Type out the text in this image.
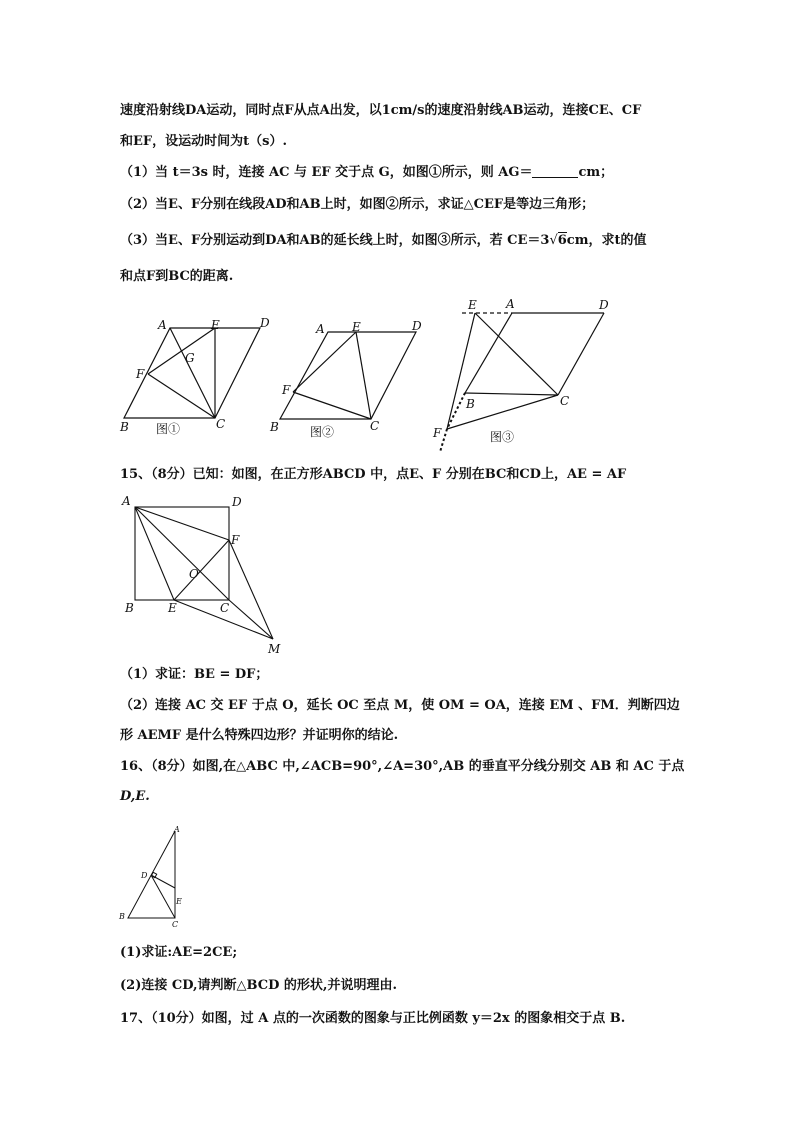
速度沿射线DA运动，同时点F从点A出发，以1cm/s的速度沿射线AB运动，连接CE、CF
和EF，设运动时间为t（s）.
（1）当 t＝3s 时，连接 AC 与 EF 交于点 G，如图①所示，则 AG＝	cm；
（2）当E、F分别在线段AD和AB上时，如图②所示，求证△CEF是等边三角形；
（3）当E、F分别运动到DA和AB的延长线上时，如图③所示，若 CE＝3√6cm，求t的值
和点F到BC的距离.
A	E	D
G
F
B	C
图①
A E	D
F
B	C
图②
E A	D
B	C
F	图③
15、（8分）已知：如图，在正方形ABCD 中，点E、F 分别在BC和CD上，AE = AF
A	D
F
O
B	E	C
M
（1）求证：BE = DF；
（2）连接 AC 交 EF 于点 O，延长 OC 至点 M，使 OM = OA，连接 EM 、FM．判断四边
形 AEMF 是什么特殊四边形？并证明你的结论.
16、（8分）如图,在△ABC 中,∠ACB=90°,∠A=30°,AB 的垂直平分线分别交 AB 和 AC 于点
D,E.
A
D
E
B
C
(1)求证:AE=2CE;
(2)连接 CD,请判断△BCD 的形状,并说明理由.
17、（10分）如图，过 A 点的一次函数的图象与正比例函数 y＝2x 的图象相交于点 B.
